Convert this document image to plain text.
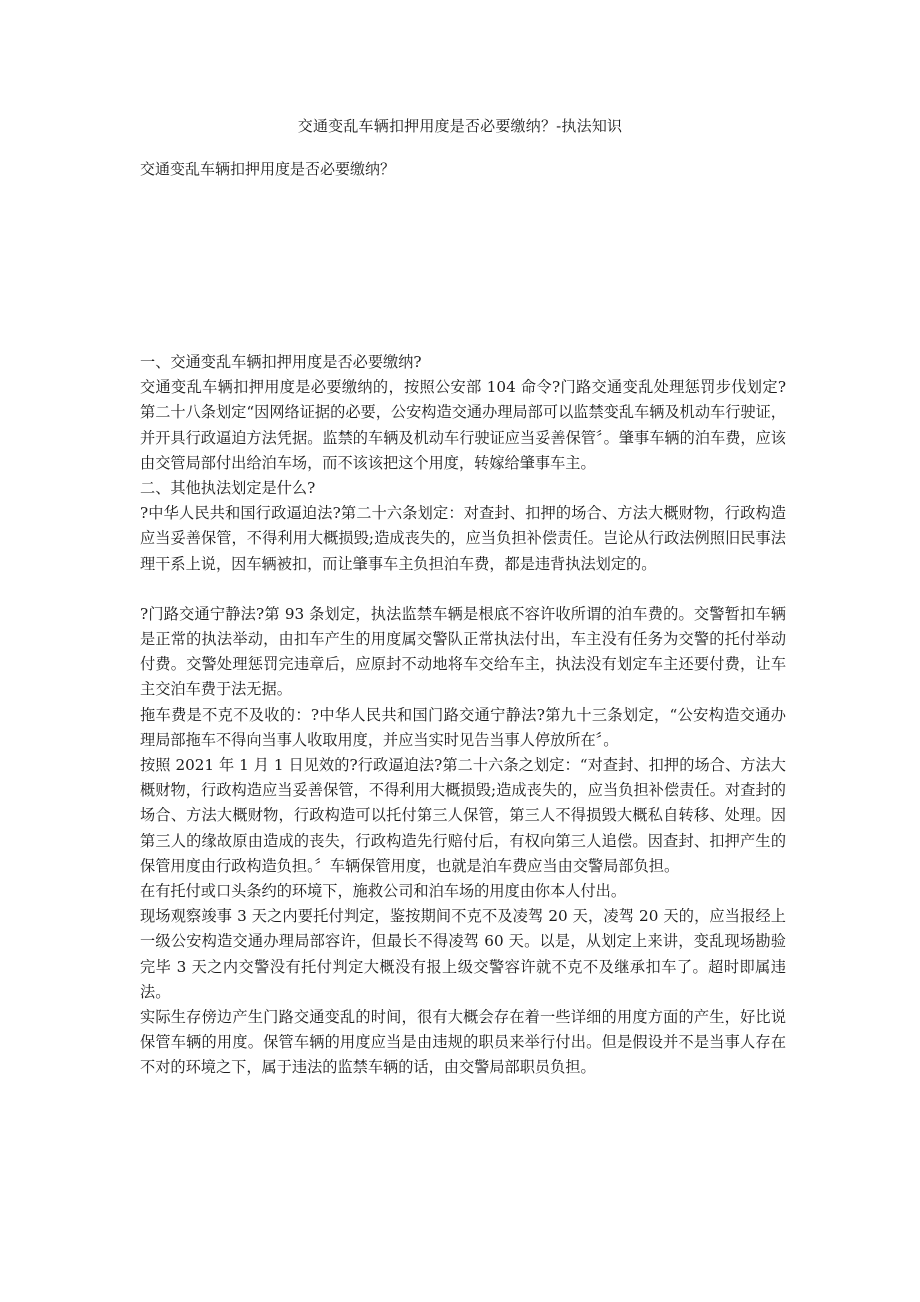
交通变乱车辆扣押用度是否必要缴纳？-执法知识
交通变乱车辆扣押用度是否必要缴纳？

一、交通变乱车辆扣押用度是否必要缴纳?

交通变乱车辆扣押用度是必要缴纳的，按照公安部 104 命令?门路交通变乱处理惩罚步伐划定?第二十八条划定“因网络证据的必要，公安构造交通办理局部可以监禁变乱车辆及机动车行驶证，并开具行政逼迫方法凭据。监禁的车辆及机动车行驶证应当妥善保管〞。肇事车辆的泊车费，应该由交管局部付出给泊车场，而不该该把这个用度，转嫁给肇事车主。

二、其他执法划定是什么?

?中华人民共和国行政逼迫法?第二十六条划定：对查封、扣押的场合、方法大概财物，行政构造应当妥善保管，不得利用大概损毁;造成丧失的，应当负担补偿责任。岂论从行政法例照旧民事法理干系上说，因车辆被扣，而让肇事车主负担泊车费，都是违背执法划定的。

?门路交通宁静法?第 93 条划定，执法监禁车辆是根底不容许收所谓的泊车费的。交警暂扣车辆是正常的执法举动，由扣车产生的用度属交警队正常执法付出，车主没有任务为交警的托付举动付费。交警处理惩罚完违章后，应原封不动地将车交给车主，执法没有划定车主还要付费，让车主交泊车费于法无据。

拖车费是不克不及收的：?中华人民共和国门路交通宁静法?第九十三条划定，“公安构造交通办理局部拖车不得向当事人收取用度，并应当实时见告当事人停放所在〞。

按照 2021 年 1 月 1 日见效的?行政逼迫法?第二十六条之划定：“对查封、扣押的场合、方法大概财物，行政构造应当妥善保管，不得利用大概损毁;造成丧失的，应当负担补偿责任。对查封的场合、方法大概财物，行政构造可以托付第三人保管，第三人不得损毁大概私自转移、处理。因第三人的缘故原由造成的丧失，行政构造先行赔付后，有权向第三人追偿。因查封、扣押产生的保管用度由行政构造负担。〞车辆保管用度，也就是泊车费应当由交警局部负担。

在有托付或口头条约的环境下，施救公司和泊车场的用度由你本人付出。

现场观察竣事 3 天之内要托付判定，鉴按期间不克不及凌驾 20 天，凌驾 20 天的，应当报经上一级公安构造交通办理局部容许，但最长不得凌驾 60 天。以是，从划定上来讲，变乱现场勘验完毕 3 天之内交警没有托付判定大概没有报上级交警容许就不克不及继承扣车了。超时即属违法。

实际生存傍边产生门路交通变乱的时间，很有大概会存在着一些详细的用度方面的产生，好比说保管车辆的用度。保管车辆的用度应当是由违规的职员来举行付出。但是假设并不是当事人存在不对的环境之下，属于违法的监禁车辆的话，由交警局部职员负担。
